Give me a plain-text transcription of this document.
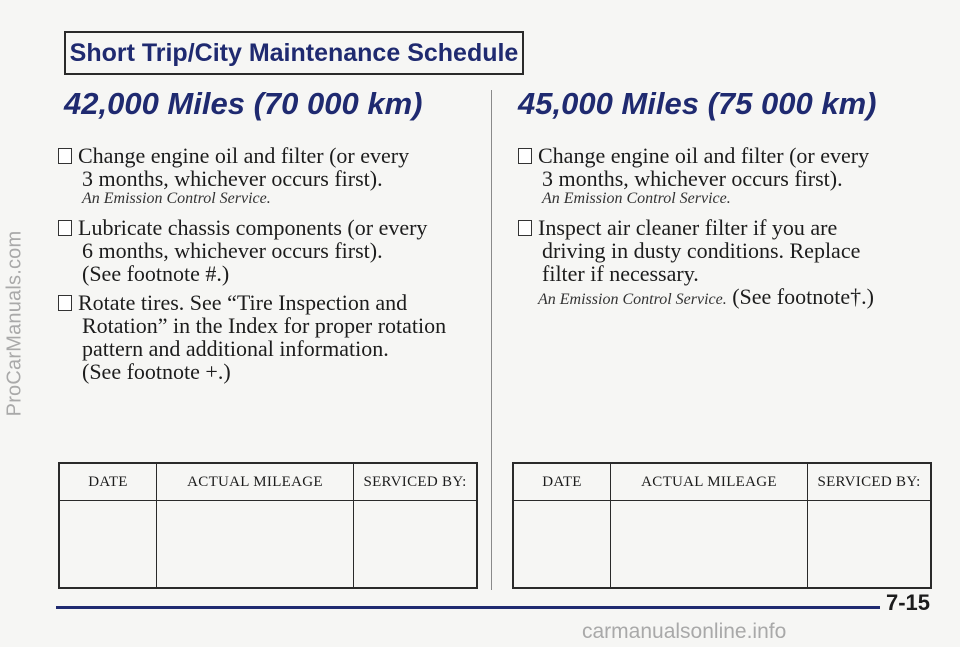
ProCarManuals.com
Short Trip/City Maintenance Schedule
42,000 Miles (70 000 km)
Change engine oil and filter (or every
3 months, whichever occurs first).
An Emission Control Service.
Lubricate chassis components (or every
6 months, whichever occurs first).
(See footnote #.)
Rotate tires. See “Tire Inspection and
Rotation” in the Index for proper rotation
pattern and additional information.
(See footnote +.)
DATE	ACTUAL MILEAGE	SERVICED BY:

45,000 Miles (75 000 km)
Change engine oil and filter (or every
3 months, whichever occurs first).
An Emission Control Service.
Inspect air cleaner filter if you are
driving in dusty conditions. Replace
filter if necessary.
An Emission Control Service. (See footnote†.)
DATE	ACTUAL MILEAGE	SERVICED BY:

7-15

carmanualsonline.info
